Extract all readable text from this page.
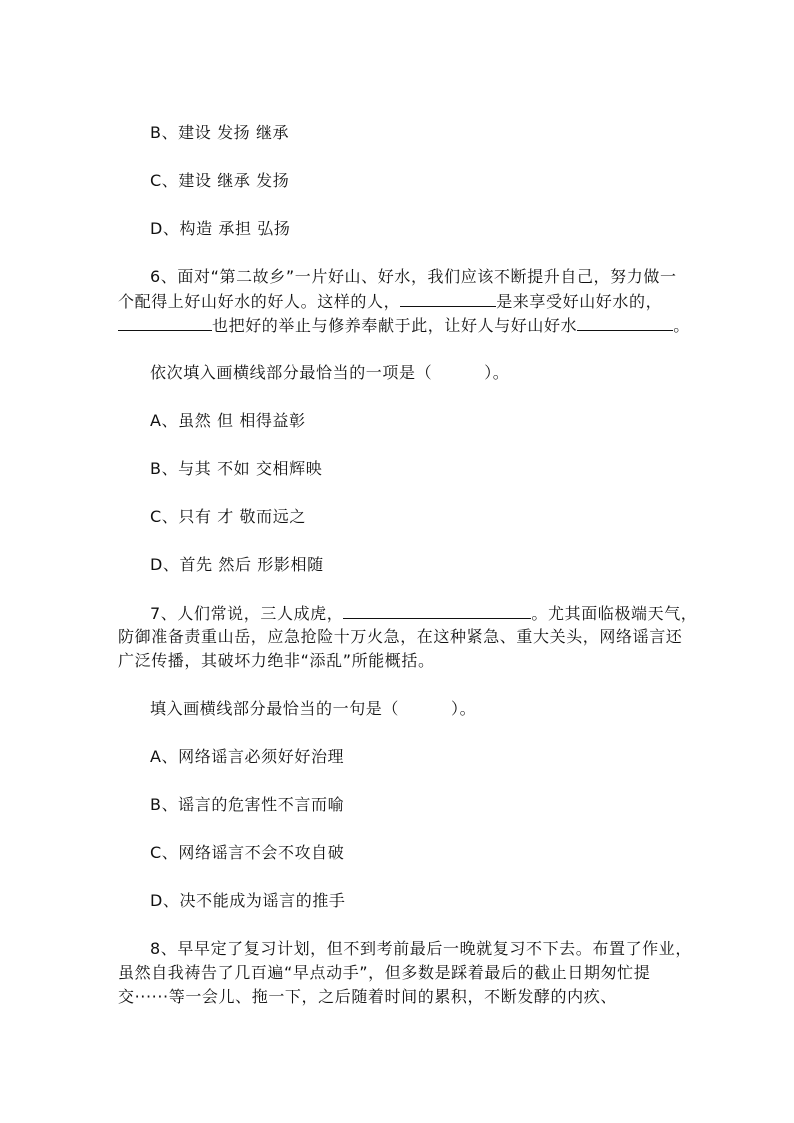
B、建设 发扬 继承
C、建设 继承 发扬
D、构造 承担 弘扬
6、面对“第二故乡”一片好山、好水，我们应该不断提升自己，努力做一
个配得上好山好水的好人。这样的人，	是来享受好山好水的，
也把好的举止与修养奉献于此，让好人与好山好水	。
依次填入画横线部分最恰当的一项是（	）。
A、虽然 但 相得益彰
B、与其 不如 交相辉映
C、只有 才 敬而远之
D、首先 然后 形影相随
7、人们常说，三人成虎，	。尤其面临极端天气，
防御准备责重山岳，应急抢险十万火急，在这种紧急、重大关头，网络谣言还
广泛传播，其破坏力绝非“添乱”所能概括。
填入画横线部分最恰当的一句是（	）。
A、网络谣言必须好好治理
B、谣言的危害性不言而喻
C、网络谣言不会不攻自破
D、决不能成为谣言的推手
8、早早定了复习计划，但不到考前最后一晚就复习不下去。布置了作业，
虽然自我祷告了几百遍“早点动手”，但多数是踩着最后的截止日期匆忙提
交······等一会儿、拖一下，之后随着时间的累积，不断发酵的内疚、
